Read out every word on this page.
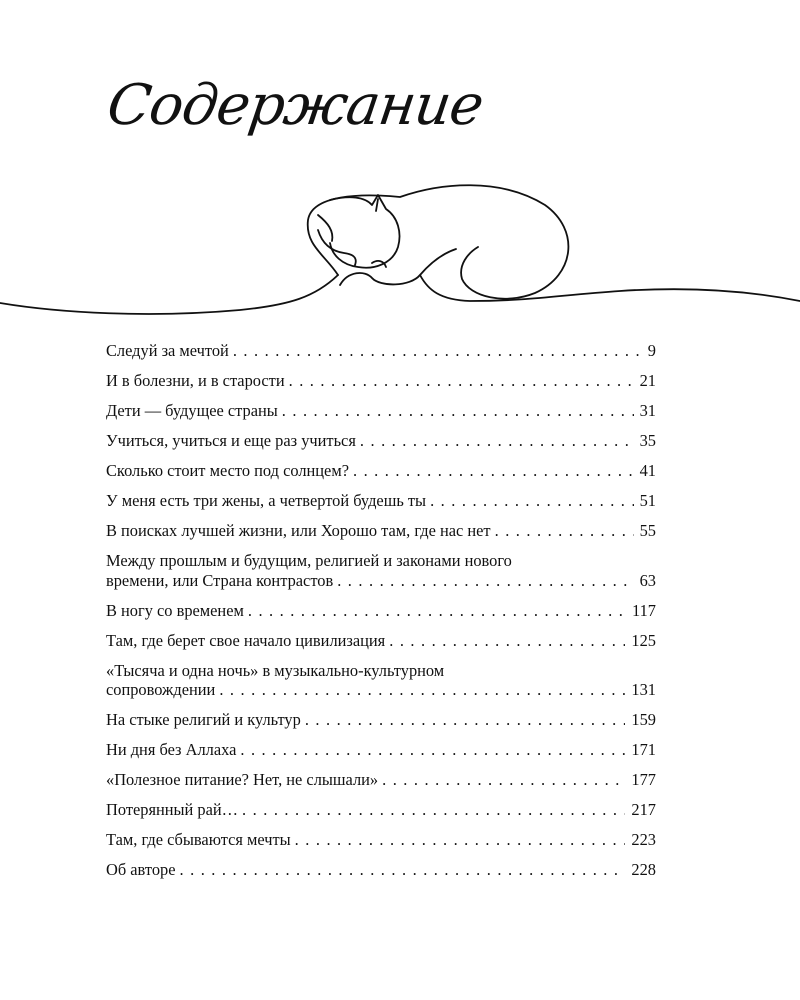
Содержание
Следуй за мечтой . . .	9
И в болезни, и в старости . . .	21
Дети — будущее страны . . .	31
Учиться, учиться и еще раз учиться . . .	35
Сколько стоит место под солнцем? . . .	41
У меня есть три жены, а четвертой будешь ты . . .	51
В поисках лучшей жизни, или Хорошо там, где нас нет . . .	55
Между прошлым и будущим, религией и законами нового
времени, или Страна контрастов . . .	63
В ногу со временем . . .	117
Там, где берет свое начало цивилизация . . .	125
«Тысяча и одна ночь» в музыкально-культурном
сопровождении . . .	131
На стыке религий и культур . . .	159
Ни дня без Аллаха . . .	171
«Полезное питание? Нет, не слышали» . . .	177
Потерянный рай… . . .	217
Там, где сбываются мечты . . .	223
Об авторе . . .	228
